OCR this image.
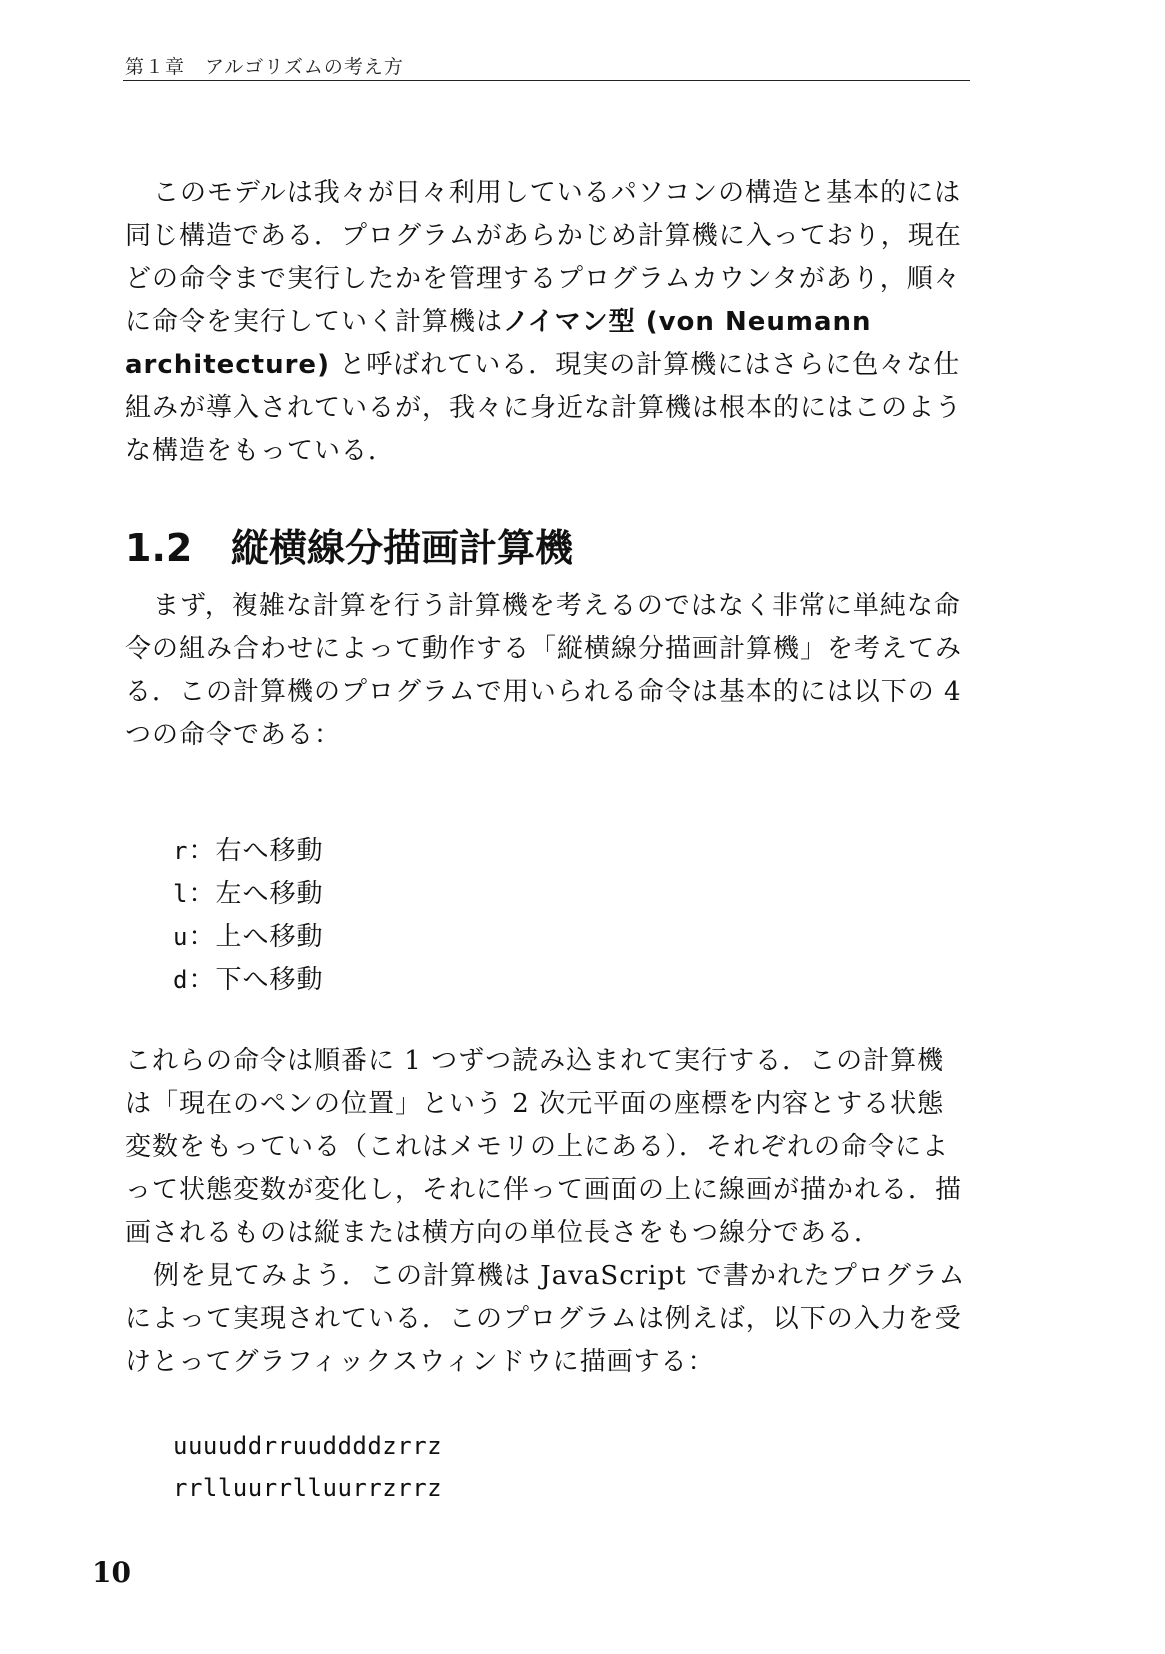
第１章　アルゴリズムの考え方

このモデルは我々が日々利用しているパソコンの構造と基本的には同じ構造である．プログラムがあらかじめ計算機に入っており，現在どの命令まで実行したかを管理するプログラムカウンタがあり，順々に命令を実行していく計算機はノイマン型 (von Neumann architecture) と呼ばれている．現実の計算機にはさらに色々な仕組みが導入されているが，我々に身近な計算機は根本的にはこのような構造をもっている．

1.2 縦横線分描画計算機

まず，複雑な計算を行う計算機を考えるのではなく非常に単純な命令の組み合わせによって動作する「縦横線分描画計算機」を考えてみる．この計算機のプログラムで用いられる命令は基本的には以下の 4 つの命令である：

r：右へ移動
l：左へ移動
u：上へ移動
d：下へ移動

これらの命令は順番に 1 つずつ読み込まれて実行する．この計算機は「現在のペンの位置」という 2 次元平面の座標を内容とする状態変数をもっている（これはメモリの上にある）．それぞれの命令によって状態変数が変化し，それに伴って画面の上に線画が描かれる．描画されるものは縦または横方向の単位長さをもつ線分である．

例を見てみよう．この計算機は JavaScript で書かれたプログラムによって実現されている．このプログラムは例えば，以下の入力を受けとってグラフィックスウィンドウに描画する：

uuuuddrruuddddzrrz
rrlluurrlluurrzrrz
10
